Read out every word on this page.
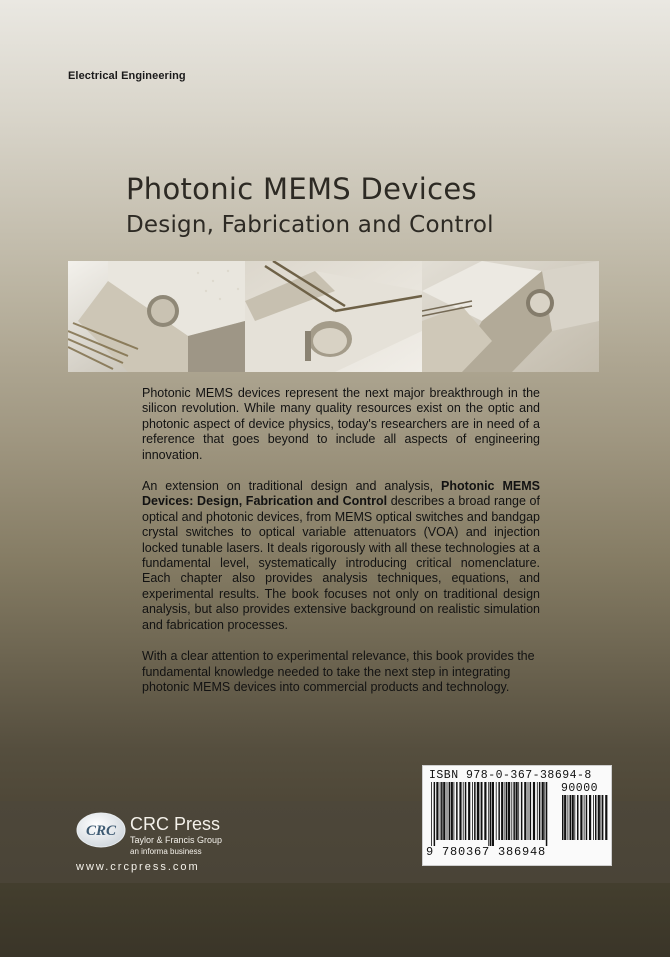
Electrical Engineering
Photonic MEMS Devices
Design, Fabrication and Control

Photonic MEMS devices represent the next major breakthrough in the silicon revolution. While many quality resources exist on the optic and photonic aspect of device physics, today's researchers are in need of a reference that goes beyond to include all aspects of engineering innovation.

An extension on traditional design and analysis, Photonic MEMS Devices: Design, Fabrication and Control describes a broad range of optical and photonic devices, from MEMS optical switches and bandgap crystal switches to optical variable attenuators (VOA) and injection locked tunable lasers. It deals rigorously with all these technologies at a fundamental level, systematically introducing critical nomenclature. Each chapter also provides analysis techniques, equations, and experimental results. The book focuses not only on traditional design analysis, but also provides extensive background on realistic simulation and fabrication processes.

With a clear attention to experimental relevance, this book provides the fundamental knowledge needed to take the next step in integrating photonic MEMS devices into commercial products and technology.

CRC CRC Press
Taylor & Francis Group
an informa business
www.crcpress.com
ISBN 978-0-367-38694-8
90000
9 780367 386948
